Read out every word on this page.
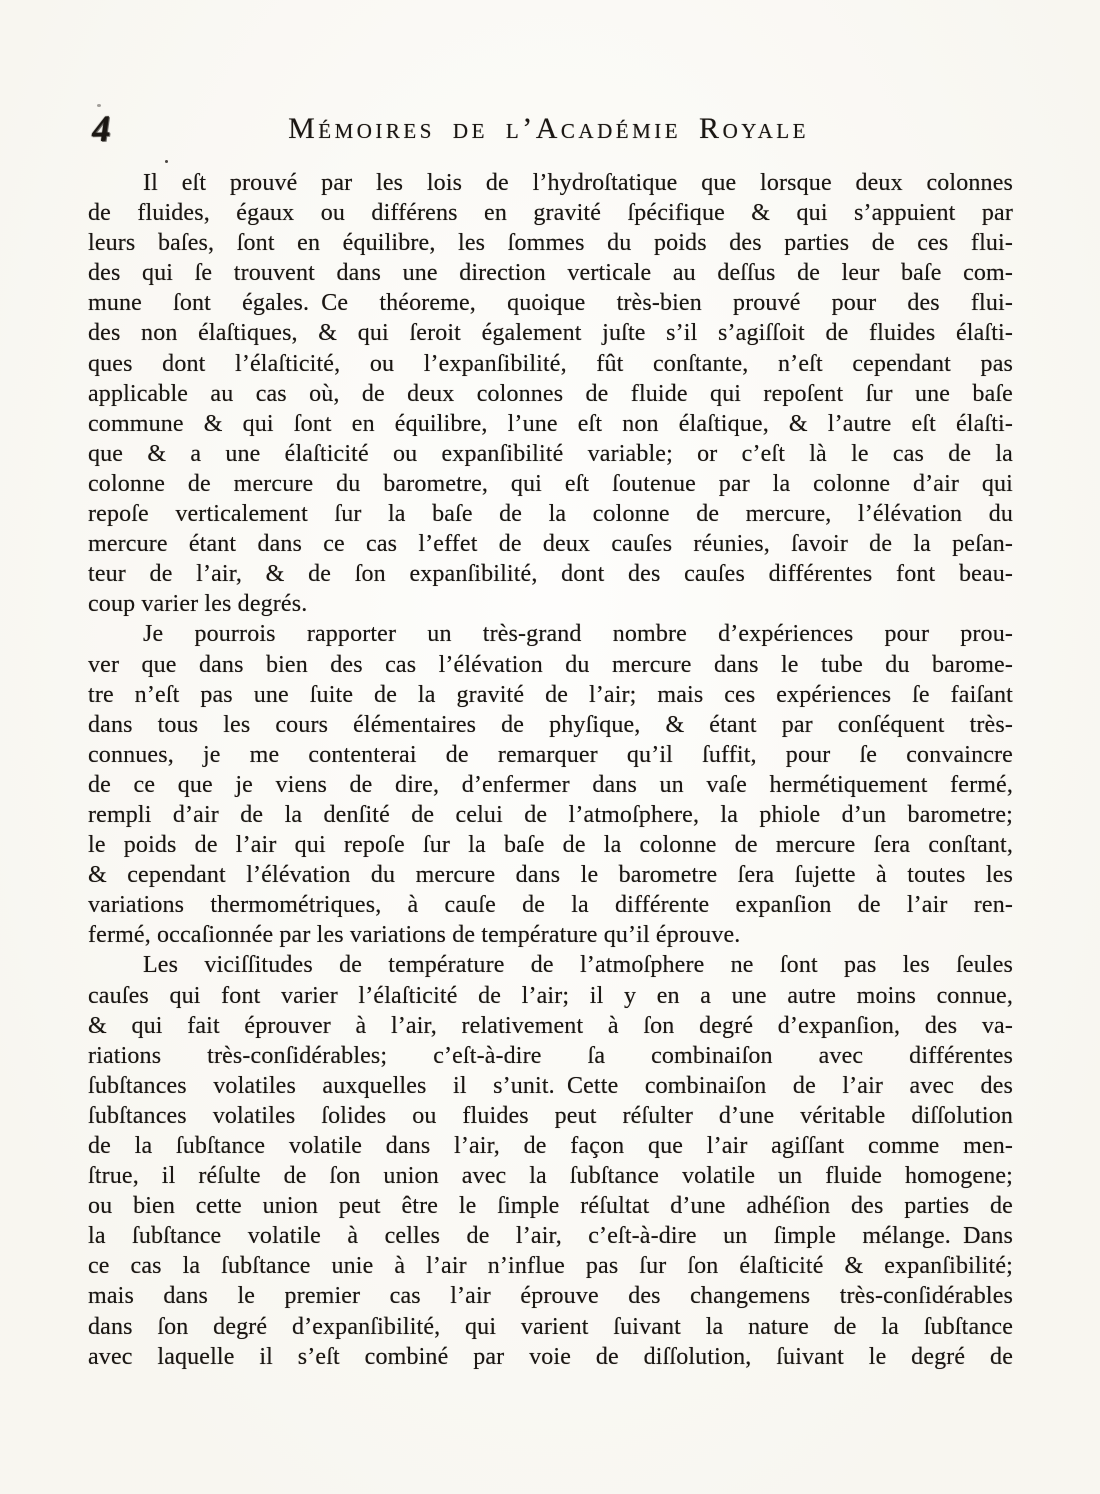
4	Mémoires de l’Académie Royale
Il eſt prouvé par les lois de l’hydroſtatique que lorsque deux colonnes
de fluides, égaux ou différens en gravité ſpécifique & qui s’appuient par
leurs baſes, ſont en équilibre, les ſommes du poids des parties de ces flui-
des qui ſe trouvent dans une direction verticale au deſſus de leur baſe com-
mune ſont égales. Ce théoreme, quoique très-bien prouvé pour des flui-
des non élaſtiques, & qui ſeroit également juſte s’il s’agiſſoit de fluides élaſti-
ques dont l’élaſticité, ou l’expanſibilité, fût conſtante, n’eſt cependant pas
applicable au cas où, de deux colonnes de fluide qui repoſent ſur une baſe
commune & qui ſont en équilibre, l’une eſt non élaſtique, & l’autre eſt élaſti-
que & a une élaſticité ou expanſibilité variable; or c’eſt là le cas de la
colonne de mercure du barometre, qui eſt ſoutenue par la colonne d’air qui
repoſe verticalement ſur la baſe de la colonne de mercure, l’élévation du
mercure étant dans ce cas l’effet de deux cauſes réunies, ſavoir de la peſan-
teur de l’air, & de ſon expanſibilité, dont des cauſes différentes font beau-
coup varier les degrés.
Je pourrois rapporter un très-grand nombre d’expériences pour prou-
ver que dans bien des cas l’élévation du mercure dans le tube du barome-
tre n’eſt pas une ſuite de la gravité de l’air; mais ces expériences ſe faiſant
dans tous les cours élémentaires de phyſique, & étant par conſéquent très-
connues, je me contenterai de remarquer qu’il ſuffit, pour ſe convaincre
de ce que je viens de dire, d’enfermer dans un vaſe hermétiquement fermé,
rempli d’air de la denſité de celui de l’atmoſphere, la phiole d’un barometre;
le poids de l’air qui repoſe ſur la baſe de la colonne de mercure ſera conſtant,
& cependant l’élévation du mercure dans le barometre ſera ſujette à toutes les
variations thermométriques, à cauſe de la différente expanſion de l’air ren-
fermé, occaſionnée par les variations de température qu’il éprouve.
Les viciſſitudes de température de l’atmoſphere ne ſont pas les ſeules
cauſes qui font varier l’élaſticité de l’air; il y en a une autre moins connue,
& qui fait éprouver à l’air, relativement à ſon degré d’expanſion, des va-
riations très-conſidérables; c’eſt-à-dire ſa combinaiſon avec différentes
ſubſtances volatiles auxquelles il s’unit. Cette combinaiſon de l’air avec des
ſubſtances volatiles ſolides ou fluides peut réſulter d’une véritable diſſolution
de la ſubſtance volatile dans l’air, de façon que l’air agiſſant comme men-
ſtrue, il réſulte de ſon union avec la ſubſtance volatile un fluide homogene;
ou bien cette union peut être le ſimple réſultat d’une adhéſion des parties de
la ſubſtance volatile à celles de l’air, c’eſt-à-dire un ſimple mélange. Dans
ce cas la ſubſtance unie à l’air n’influe pas ſur ſon élaſticité & expanſibilité;
mais dans le premier cas l’air éprouve des changemens très-conſidérables
dans ſon degré d’expanſibilité, qui varient ſuivant la nature de la ſubſtance
avec laquelle il s’eſt combiné par voie de diſſolution, ſuivant le degré de
